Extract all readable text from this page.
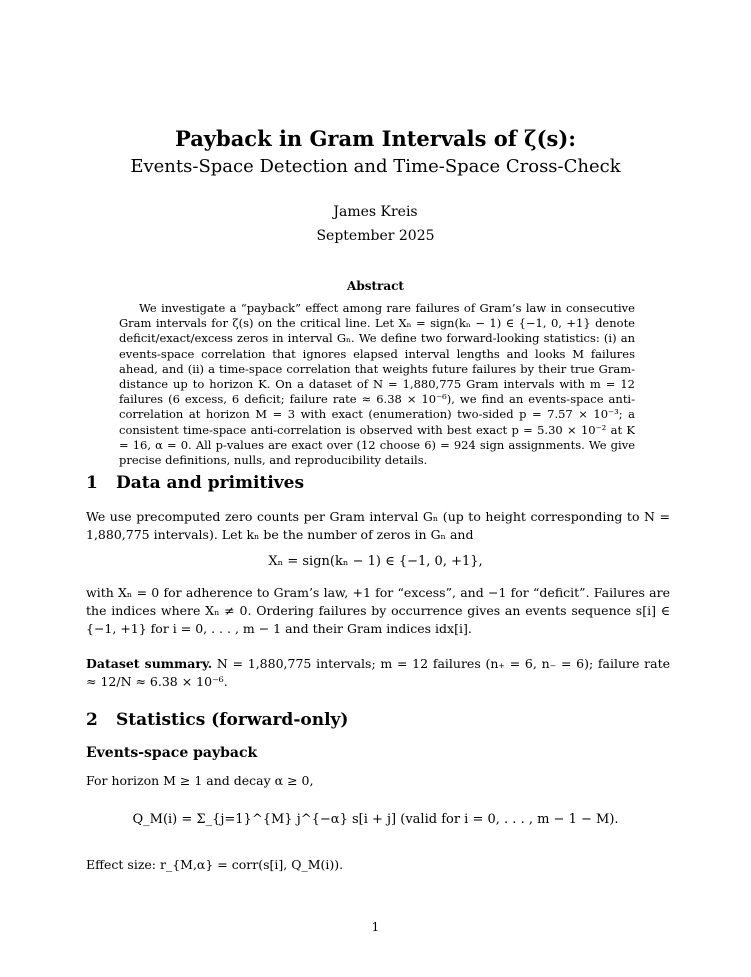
Payback in Gram Intervals of ζ(s):
Events-Space Detection and Time-Space Cross-Check
James Kreis
September 2025
Abstract
We investigate a “payback” effect among rare failures of Gram’s law in consecutive Gram intervals for ζ(s) on the critical line. Let Xₙ = sign(kₙ − 1) ∈ {−1, 0, +1} denote deficit/exact/excess zeros in interval Gₙ. We define two forward-looking statistics: (i) an events-space correlation that ignores elapsed interval lengths and looks M failures ahead, and (ii) a time-space correlation that weights future failures by their true Gram-distance up to horizon K. On a dataset of N = 1,880,775 Gram intervals with m = 12 failures (6 excess, 6 deficit; failure rate ≈ 6.38 × 10⁻⁶), we find an events-space anti-correlation at horizon M = 3 with exact (enumeration) two-sided p = 7.57 × 10⁻³; a consistent time-space anti-correlation is observed with best exact p = 5.30 × 10⁻² at K = 16, α = 0. All p-values are exact over (12 choose 6) = 924 sign assignments. We give precise definitions, nulls, and reproducibility details.
1 Data and primitives
We use precomputed zero counts per Gram interval Gₙ (up to height corresponding to N = 1,880,775 intervals). Let kₙ be the number of zeros in Gₙ and
Xₙ = sign(kₙ − 1) ∈ {−1, 0, +1},
with Xₙ = 0 for adherence to Gram’s law, +1 for “excess”, and −1 for “deficit”. Failures are the indices where Xₙ ≠ 0. Ordering failures by occurrence gives an events sequence s[i] ∈ {−1, +1} for i = 0, . . . , m − 1 and their Gram indices idx[i].
Dataset summary. N = 1,880,775 intervals; m = 12 failures (n₊ = 6, n₋ = 6); failure rate ≈ 12/N ≈ 6.38 × 10⁻⁶.
2 Statistics (forward-only)
Events-space payback
For horizon M ≥ 1 and decay α ≥ 0,
Q_M(i) = Σ_{j=1}^{M} j^{−α} s[i + j] (valid for i = 0, . . . , m − 1 − M).
Effect size: r_{M,α} = corr(s[i], Q_M(i)).
1
